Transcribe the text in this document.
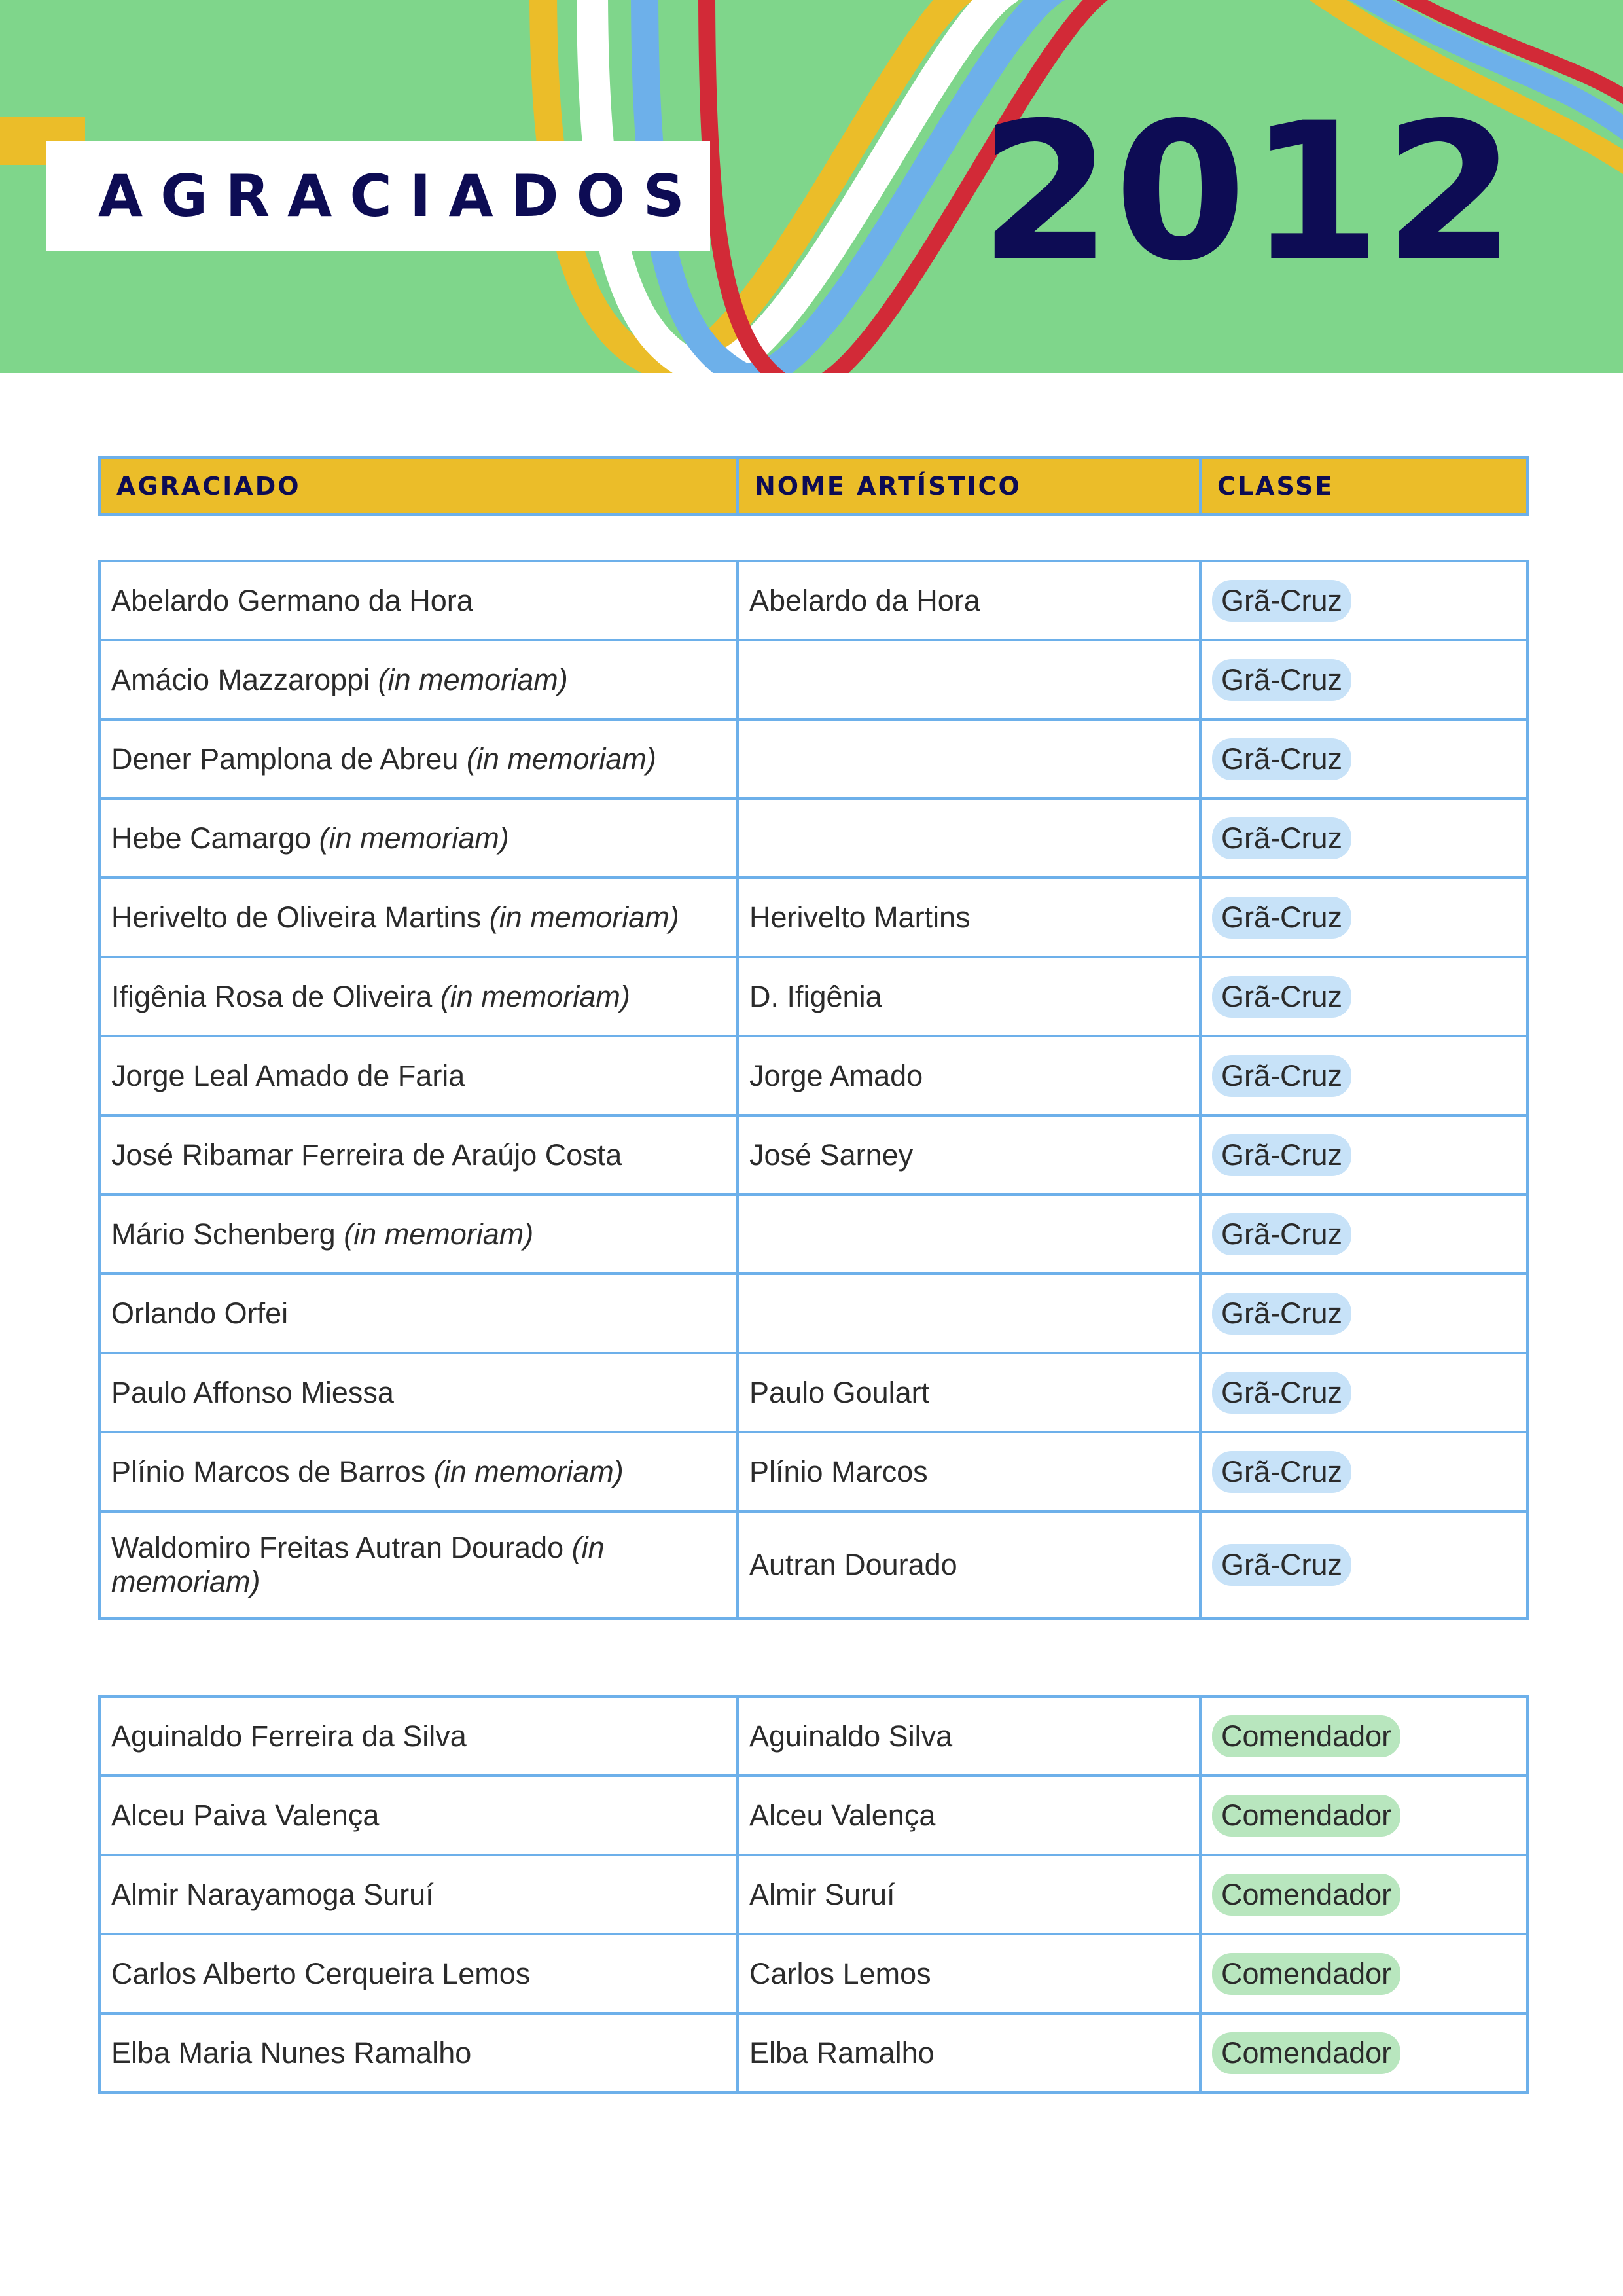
AGRACIADOS 2012
AGRACIADO	NOME ARTÍSTICO	CLASSE
Abelardo Germano da Hora	Abelardo da Hora	Grã-Cruz
Amácio Mazzaroppi (in memoriam)		Grã-Cruz
Dener Pamplona de Abreu (in memoriam)		Grã-Cruz
Hebe Camargo (in memoriam)		Grã-Cruz
Herivelto de Oliveira Martins (in memoriam)	Herivelto Martins	Grã-Cruz
Ifigênia Rosa de Oliveira (in memoriam)	D. Ifigênia	Grã-Cruz
Jorge Leal Amado de Faria	Jorge Amado	Grã-Cruz
José Ribamar Ferreira de Araújo Costa	José Sarney	Grã-Cruz
Mário Schenberg (in memoriam)		Grã-Cruz
Orlando Orfei		Grã-Cruz
Paulo Affonso Miessa	Paulo Goulart	Grã-Cruz
Plínio Marcos de Barros (in memoriam)	Plínio Marcos	Grã-Cruz
Waldomiro Freitas Autran Dourado (in memoriam)	Autran Dourado	Grã-Cruz
Aguinaldo Ferreira da Silva	Aguinaldo Silva	Comendador
Alceu Paiva Valença	Alceu Valença	Comendador
Almir Narayamoga Suruí	Almir Suruí	Comendador
Carlos Alberto Cerqueira Lemos	Carlos Lemos	Comendador
Elba Maria Nunes Ramalho	Elba Ramalho	Comendador
